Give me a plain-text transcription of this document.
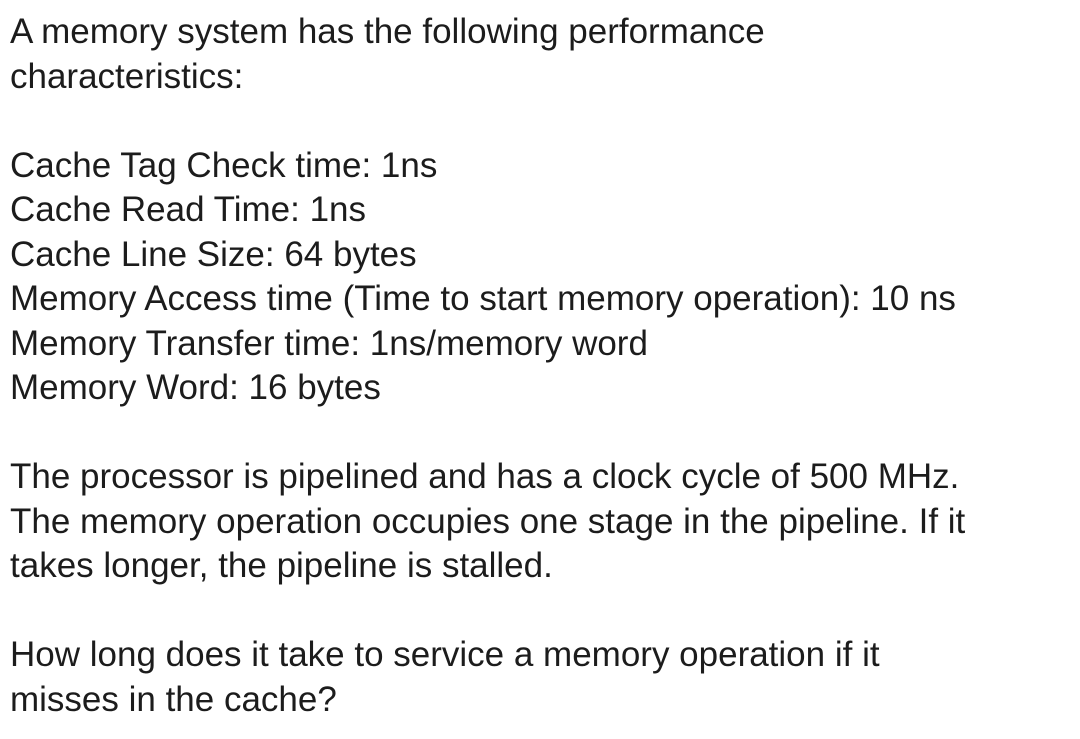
A memory system has the following performance
characteristics:
Cache Tag Check time: 1ns
Cache Read Time: 1ns
Cache Line Size: 64 bytes
Memory Access time (Time to start memory operation): 10 ns
Memory Transfer time: 1ns/memory word
Memory Word: 16 bytes
The processor is pipelined and has a clock cycle of 500 MHz.
The memory operation occupies one stage in the pipeline. If it
takes longer, the pipeline is stalled.
How long does it take to service a memory operation if it
misses in the cache?
